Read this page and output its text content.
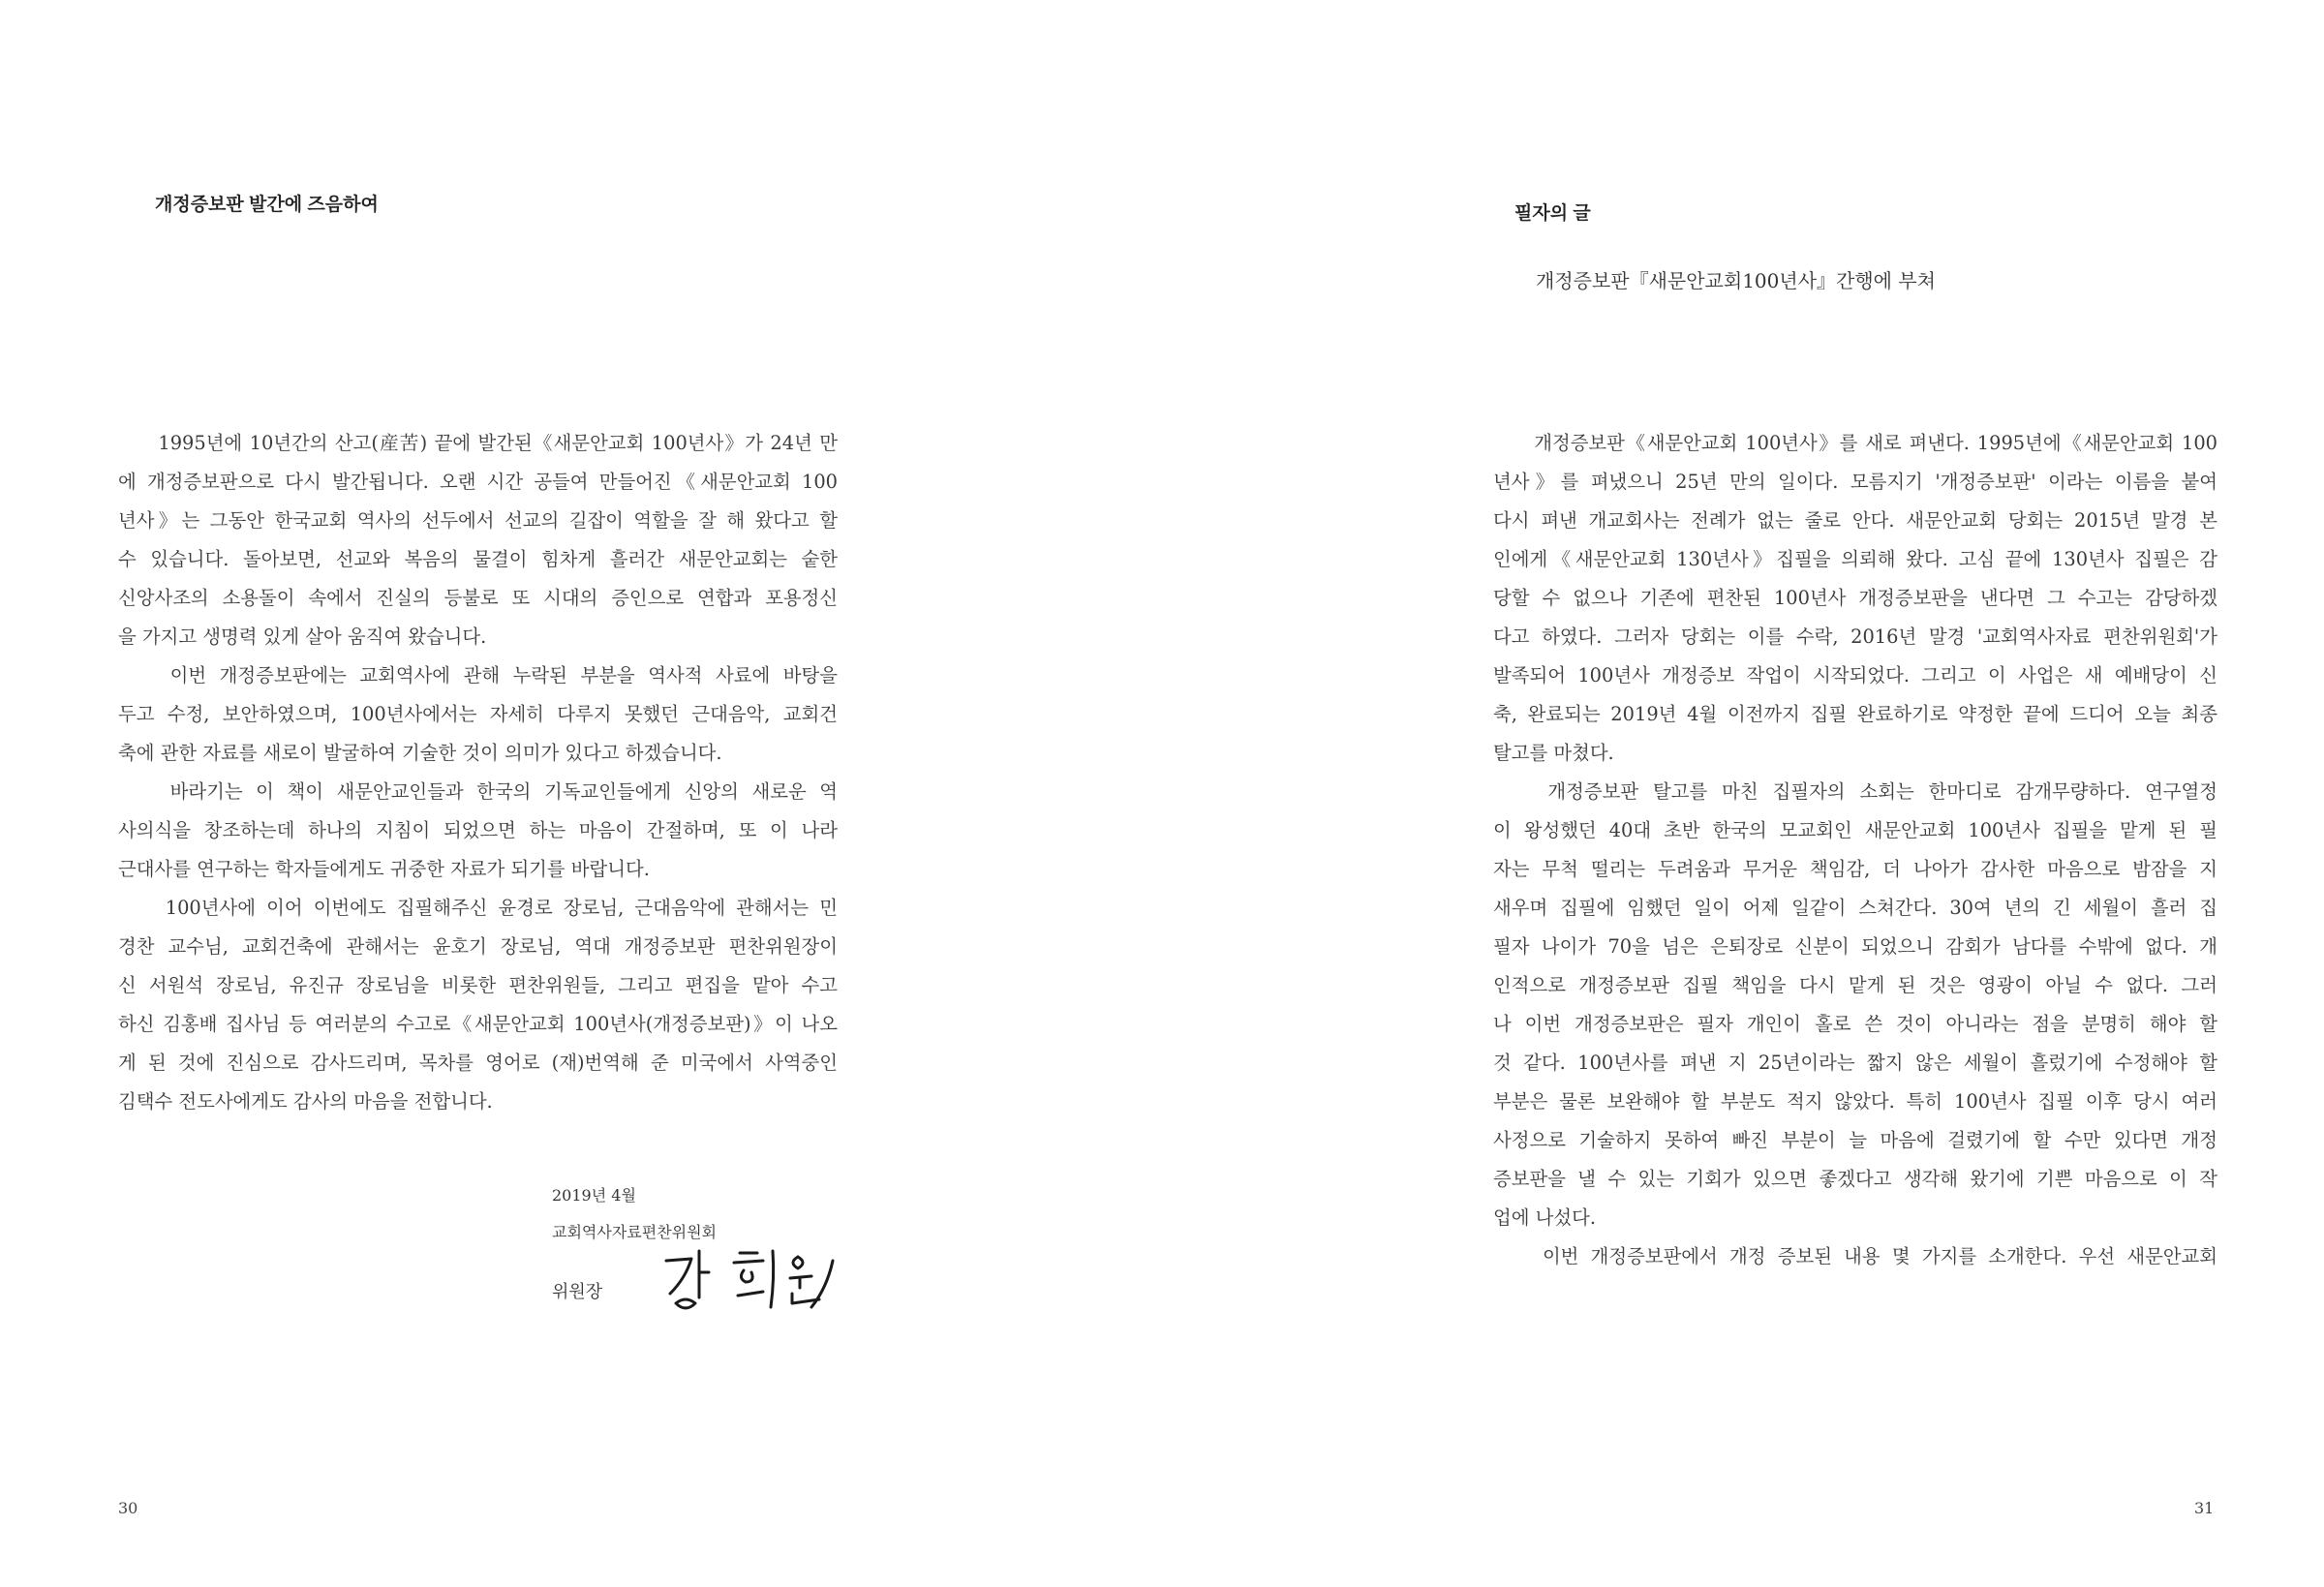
개정증보판 발간에 즈음하여
　　1995년에 10년간의 산고(産苦) 끝에 발간된《새문안교회 100년사》가 24년 만
에 개정증보판으로 다시 발간됩니다. 오랜 시간 공들여 만들어진《새문안교회 100
년사》는 그동안 한국교회 역사의 선두에서 선교의 길잡이 역할을 잘 해 왔다고 할
수 있습니다. 돌아보면, 선교와 복음의 물결이 힘차게 흘러간 새문안교회는 숱한
신앙사조의 소용돌이 속에서 진실의 등불로 또 시대의 증인으로 연합과 포용정신
을 가지고 생명력 있게 살아 움직여 왔습니다.
　　이번 개정증보판에는 교회역사에 관해 누락된 부분을 역사적 사료에 바탕을
두고 수정, 보안하였으며, 100년사에서는 자세히 다루지 못했던 근대음악, 교회건
축에 관한 자료를 새로이 발굴하여 기술한 것이 의미가 있다고 하겠습니다.
　　바라기는 이 책이 새문안교인들과 한국의 기독교인들에게 신앙의 새로운 역
사의식을 창조하는데 하나의 지침이 되었으면 하는 마음이 간절하며, 또 이 나라
근대사를 연구하는 학자들에게도 귀중한 자료가 되기를 바랍니다.
　　100년사에 이어 이번에도 집필해주신 윤경로 장로님, 근대음악에 관해서는 민
경찬 교수님, 교회건축에 관해서는 윤호기 장로님, 역대 개정증보판 편찬위원장이
신 서원석 장로님, 유진규 장로님을 비롯한 편찬위원들, 그리고 편집을 맡아 수고
하신 김홍배 집사님 등 여러분의 수고로《새문안교회 100년사(개정증보판)》이 나오
게 된 것에 진심으로 감사드리며, 목차를 영어로 (재)번역해 준 미국에서 사역중인
김택수 전도사에게도 감사의 마음을 전합니다.
2019년 4월
교회역사자료편찬위원회
위원장
30
필자의 글
개정증보판『새문안교회100년사』간행에 부쳐
　　개정증보판《새문안교회 100년사》를 새로 펴낸다. 1995년에《새문안교회 100
년사》를 펴냈으니 25년 만의 일이다. 모름지기 '개정증보판' 이라는 이름을 붙여
다시 펴낸 개교회사는 전례가 없는 줄로 안다. 새문안교회 당회는 2015년 말경 본
인에게《새문안교회 130년사》집필을 의뢰해 왔다. 고심 끝에 130년사 집필은 감
당할 수 없으나 기존에 편찬된 100년사 개정증보판을 낸다면 그 수고는 감당하겠
다고 하였다. 그러자 당회는 이를 수락, 2016년 말경 '교회역사자료 편찬위원회'가
발족되어 100년사 개정증보 작업이 시작되었다. 그리고 이 사업은 새 예배당이 신
축, 완료되는 2019년 4월 이전까지 집필 완료하기로 약정한 끝에 드디어 오늘 최종
탈고를 마쳤다.
　　개정증보판 탈고를 마친 집필자의 소회는 한마디로 감개무량하다. 연구열정
이 왕성했던 40대 초반 한국의 모교회인 새문안교회 100년사 집필을 맡게 된 필
자는 무척 떨리는 두려움과 무거운 책임감, 더 나아가 감사한 마음으로 밤잠을 지
새우며 집필에 임했던 일이 어제 일같이 스쳐간다. 30여 년의 긴 세월이 흘러 집
필자 나이가 70을 넘은 은퇴장로 신분이 되었으니 감회가 남다를 수밖에 없다. 개
인적으로 개정증보판 집필 책임을 다시 맡게 된 것은 영광이 아닐 수 없다. 그러
나 이번 개정증보판은 필자 개인이 홀로 쓴 것이 아니라는 점을 분명히 해야 할
것 같다. 100년사를 펴낸 지 25년이라는 짧지 않은 세월이 흘렀기에 수정해야 할
부분은 물론 보완해야 할 부분도 적지 않았다. 특히 100년사 집필 이후 당시 여러
사정으로 기술하지 못하여 빠진 부분이 늘 마음에 걸렸기에 할 수만 있다면 개정
증보판을 낼 수 있는 기회가 있으면 좋겠다고 생각해 왔기에 기쁜 마음으로 이 작
업에 나섰다.
　　이번 개정증보판에서 개정 증보된 내용 몇 가지를 소개한다. 우선 새문안교회
31
